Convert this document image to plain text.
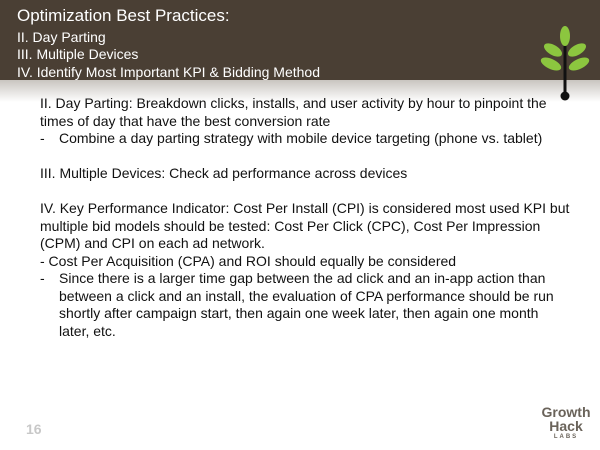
Optimization Best Practices:
II. Day Parting
III. Multiple Devices
IV. Identify Most Important KPI & Bidding Method

II. Day Parting: Breakdown clicks, installs, and user activity by hour to pinpoint the times of day that have the best conversion rate

-	Combine a day parting strategy with mobile device targeting (phone vs. tablet)

III. Multiple Devices: Check ad performance across devices

IV. Key Performance Indicator: Cost Per Install (CPI) is considered most used KPI but multiple bid models should be tested: Cost Per Click (CPC), Cost Per Impression (CPM) and CPI on each ad network.

- Cost Per Acquisition (CPA) and ROI should equally be considered

-	Since there is a larger time gap between the ad click and an in-app action than between a click and an install, the evaluation of CPA performance should be run shortly after campaign start, then again one week later, then again one month later, etc.
16
Growth
Hack
LABS
